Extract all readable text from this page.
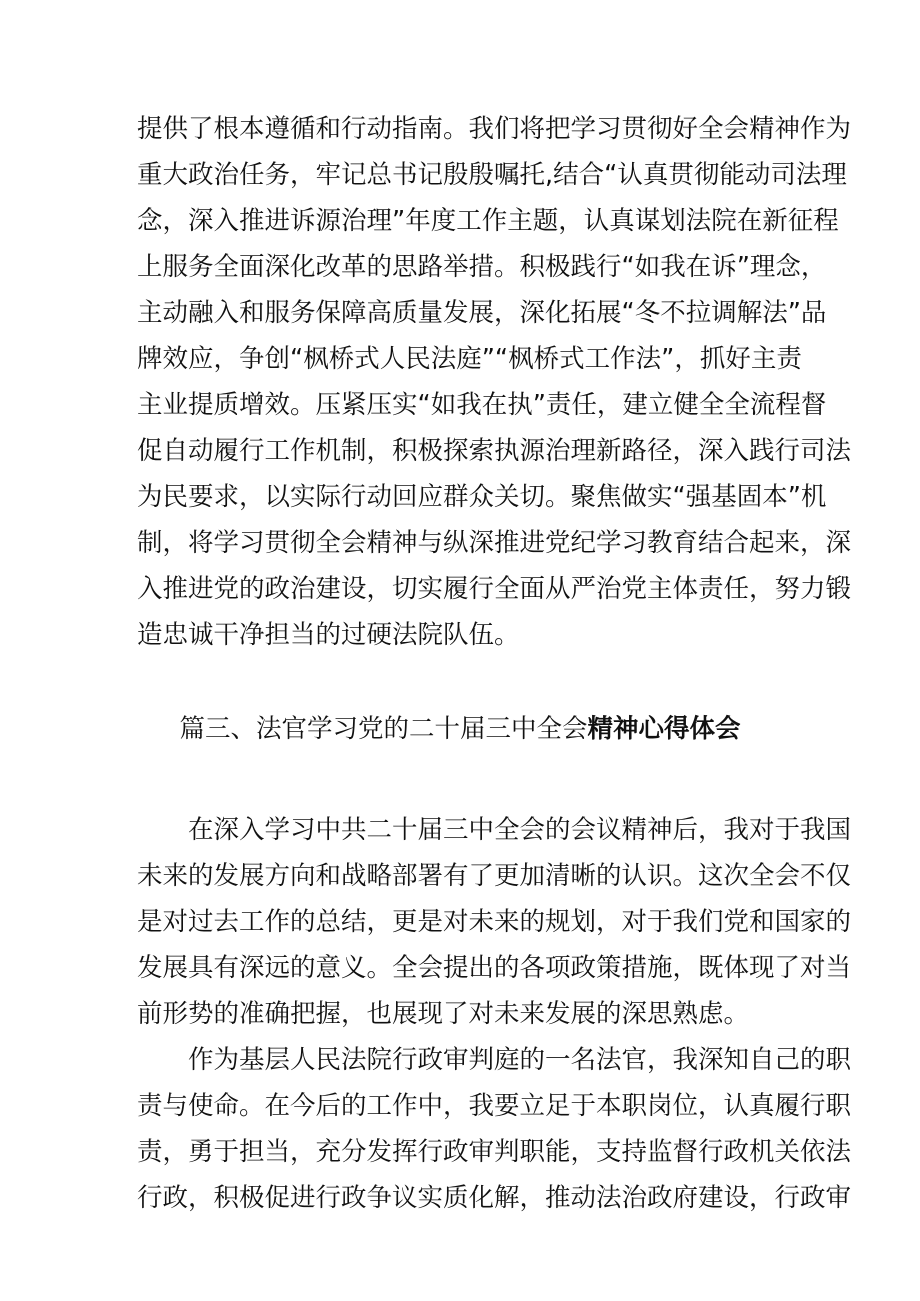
提供了根本遵循和行动指南。我们将把学习贯彻好全会精神作为
重大政治任务，牢记总书记殷殷嘱托,结合“认真贯彻能动司法理
念，深入推进诉源治理”年度工作主题，认真谋划法院在新征程
上服务全面深化改革的思路举措。积极践行“如我在诉”理念，
主动融入和服务保障高质量发展，深化拓展“冬不拉调解法”品
牌效应，争创“枫桥式人民法庭”“枫桥式工作法”，抓好主责
主业提质增效。压紧压实“如我在执”责任，建立健全全流程督
促自动履行工作机制，积极探索执源治理新路径，深入践行司法
为民要求，以实际行动回应群众关切。聚焦做实“强基固本”机
制，将学习贯彻全会精神与纵深推进党纪学习教育结合起来，深
入推进党的政治建设，切实履行全面从严治党主体责任，努力锻
造忠诚干净担当的过硬法院队伍。
篇三、法官学习党的二十届三中全会精神心得体会
　　在深入学习中共二十届三中全会的会议精神后，我对于我国
未来的发展方向和战略部署有了更加清晰的认识。这次全会不仅
是对过去工作的总结，更是对未来的规划，对于我们党和国家的
发展具有深远的意义。全会提出的各项政策措施，既体现了对当
前形势的准确把握，也展现了对未来发展的深思熟虑。
　　作为基层人民法院行政审判庭的一名法官，我深知自己的职
责与使命。在今后的工作中，我要立足于本职岗位，认真履行职
责，勇于担当，充分发挥行政审判职能，支持监督行政机关依法
行政，积极促进行政争议实质化解，推动法治政府建设，行政审
